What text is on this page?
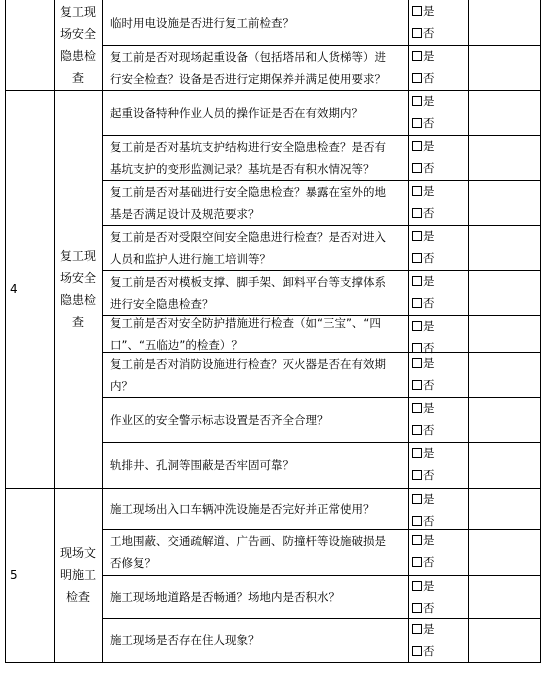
复工现
场安全
隐患检
查
临时用电设施是否进行复工前检查？
是
否
复工前是否对现场起重设备（包括塔吊和人货梯等）进
行安全检查？设备是否进行定期保养并满足使用要求？
是
否
4
复工现
场安全
隐患检
查
起重设备特种作业人员的操作证是否在有效期内？
是
否
复工前是否对基坑支护结构进行安全隐患检查？是否有
基坑支护的变形监测记录？基坑是否有积水情况等？
是
否
复工前是否对基础进行安全隐患检查？暴露在室外的地
基是否满足设计及规范要求？
是
否
复工前是否对受限空间安全隐患进行检查？是否对进入
人员和监护人进行施工培训等？
是
否
复工前是否对模板支撑、脚手架、卸料平台等支撑体系
进行安全隐患检查？
是
否
复工前是否对安全防护措施进行检查（如“三宝”、“四
口”、“五临边”的检查）？
是
否
复工前是否对消防设施进行检查？灭火器是否在有效期
内？
是
否
作业区的安全警示标志设置是否齐全合理？
是
否
轨排井、孔洞等围蔽是否牢固可靠？
是
否
5
现场文
明施工
检查
施工现场出入口车辆冲洗设施是否完好并正常使用？
是
否
工地围蔽、交通疏解道、广告画、防撞杆等设施破损是
否修复？
是
否
施工现场地道路是否畅通？场地内是否积水？
是
否
施工现场是否存在住人现象？
是
否
